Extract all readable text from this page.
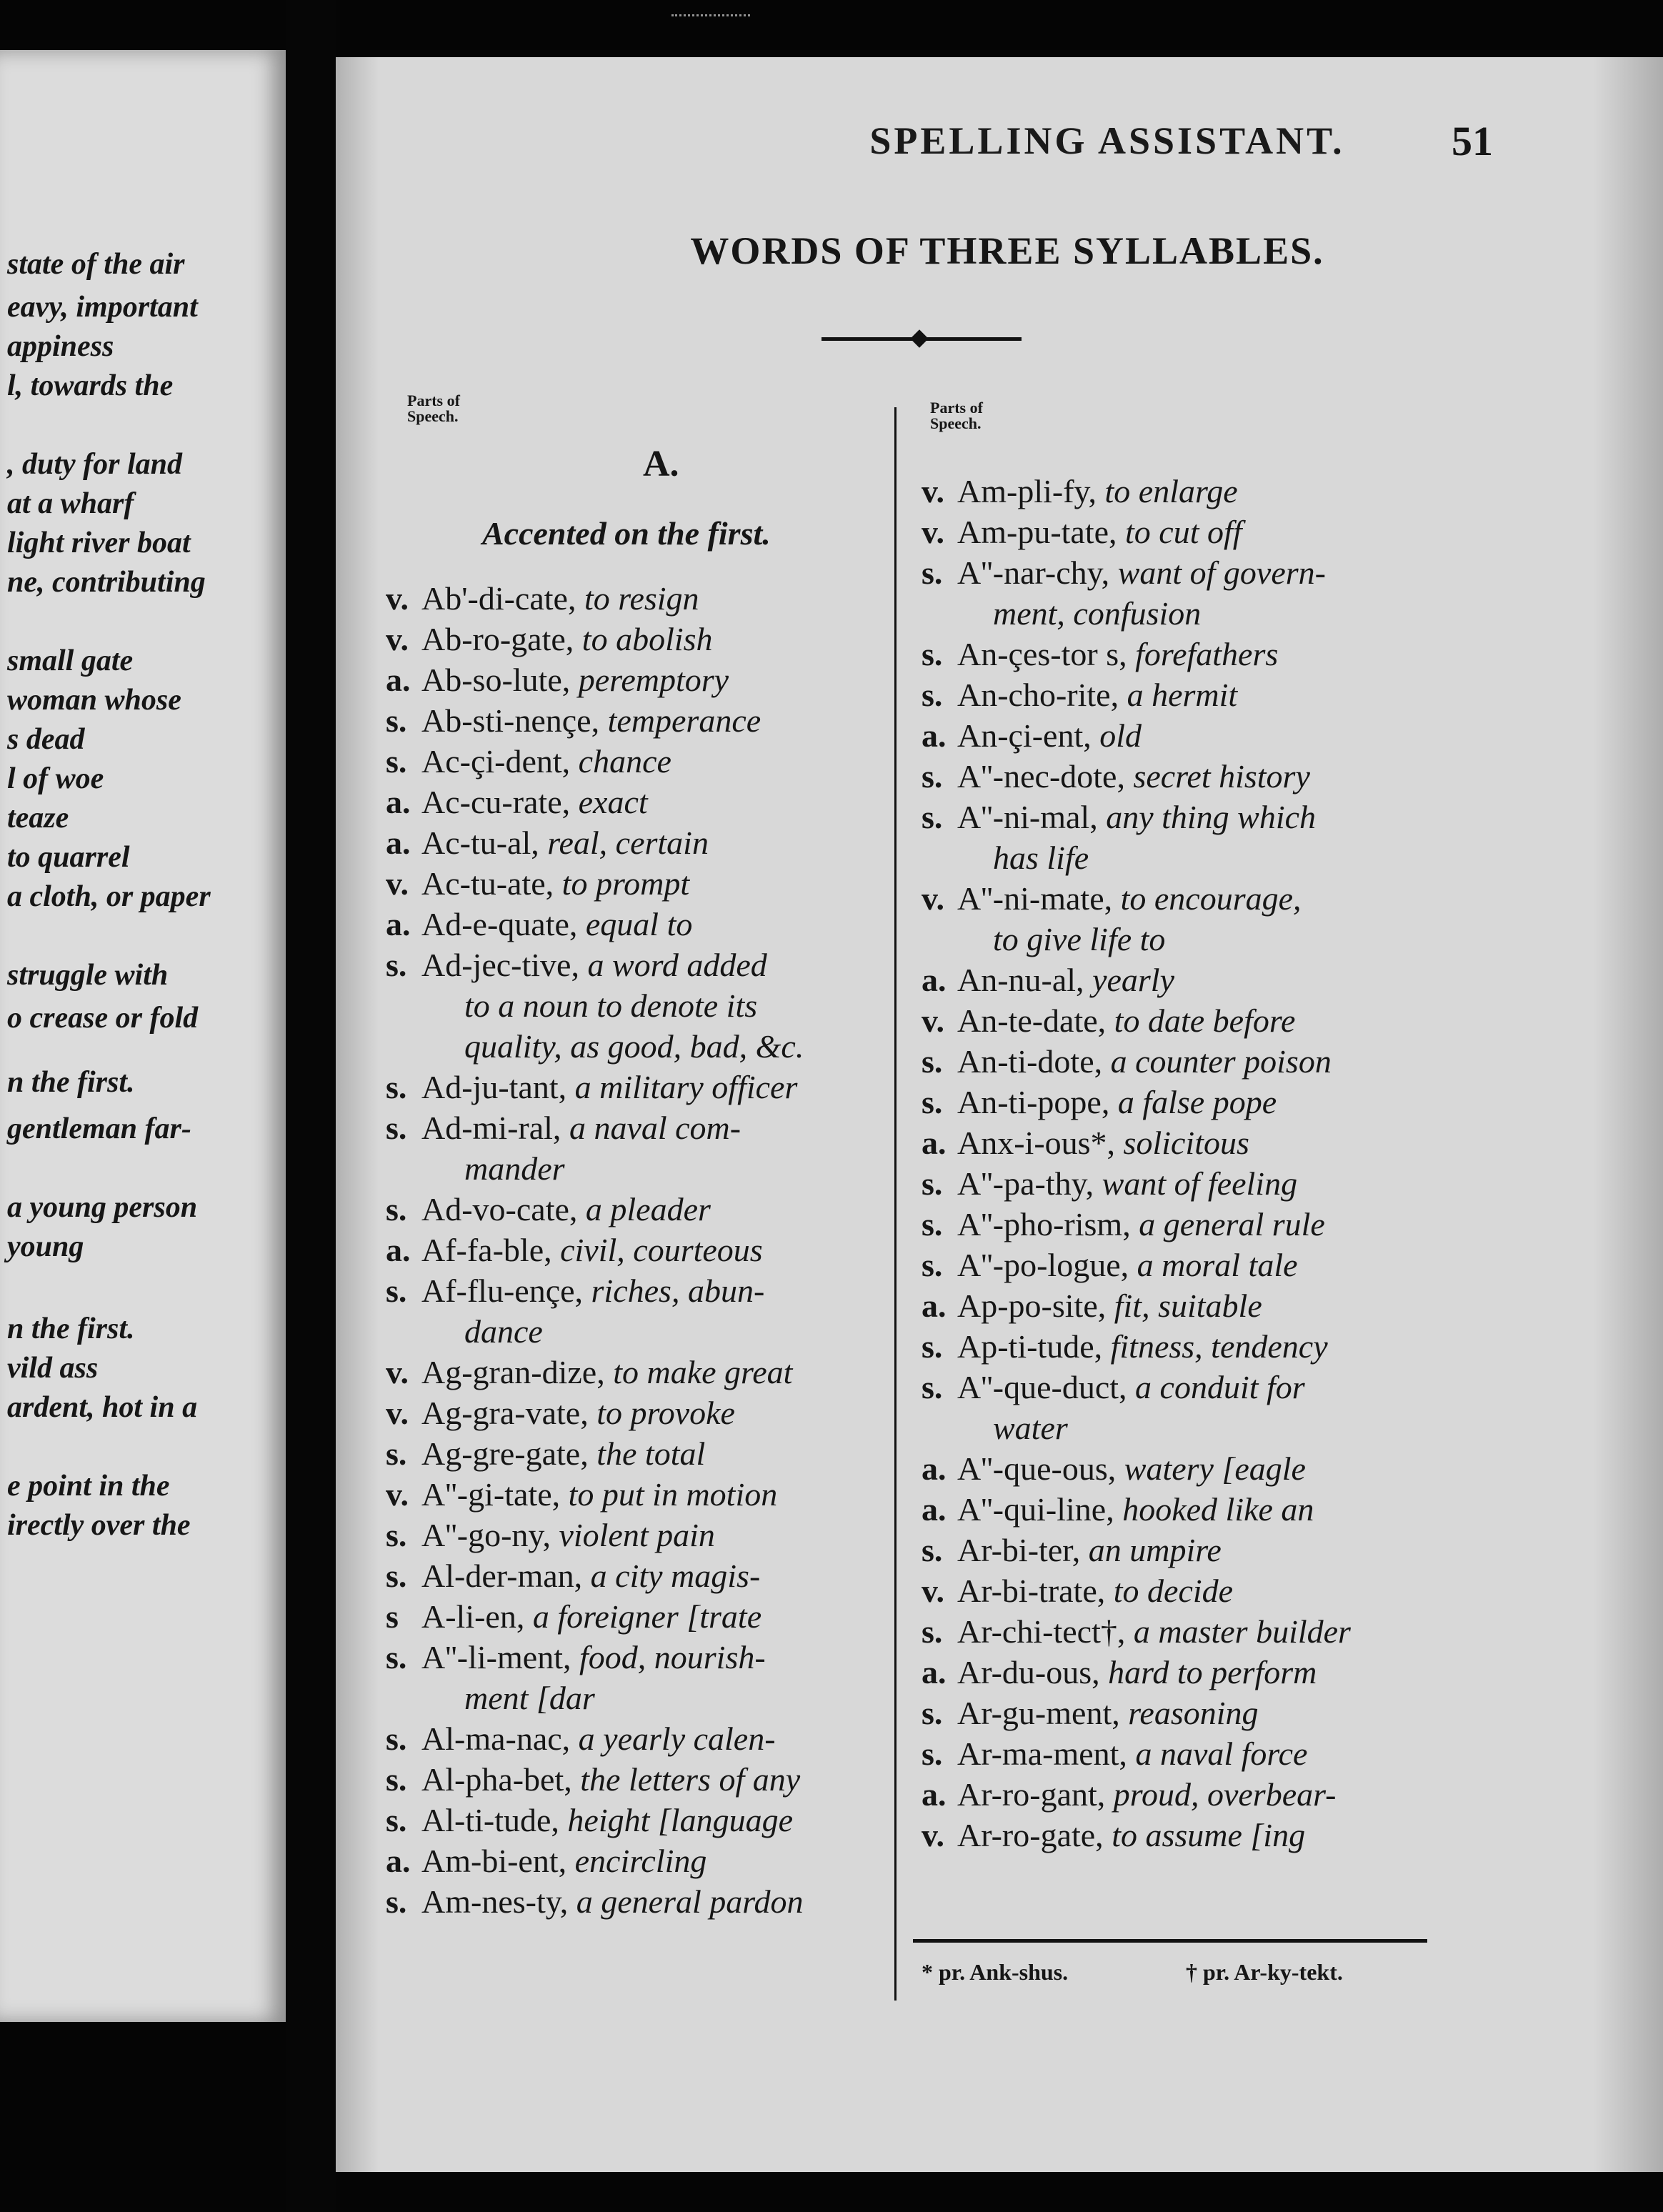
state of the air
eavy, important
appiness
l, towards the
, duty for land
at a wharf
light river boat
ne, contributing
small gate
woman whose
s dead
l of woe
teaze
to quarrel
a cloth, or paper
struggle with
o crease or fold
n the first.
gentleman far-
a young person
young
n the first.
vild ass
ardent, hot in a
e point in the
irectly over the
SPELLING ASSISTANT.	51
WORDS OF THREE SYLLABLES.
Parts of Speech.	Parts of Speech.
A.
Accented on the first.
v. Ab'-di-cate, to resign
v. Ab-ro-gate, to abolish
a. Ab-so-lute, peremptory
s. Ab-sti-nençe, temperance
s. Ac-çi-dent, chance
a. Ac-cu-rate, exact
a. Ac-tu-al, real, certain
v. Ac-tu-ate, to prompt
a. Ad-e-quate, equal to
s. Ad-jec-tive, a word added
to a noun to denote its
quality, as good, bad, &c.
s. Ad-ju-tant, a military officer
s. Ad-mi-ral, a naval com-
mander
s. Ad-vo-cate, a pleader
a. Af-fa-ble, civil, courteous
s. Af-flu-ençe, riches, abun-
dance
v. Ag-gran-dize, to make great
v. Ag-gra-vate, to provoke
s. Ag-gre-gate, the total
v. A''-gi-tate, to put in motion
s. A''-go-ny, violent pain
s. Al-der-man, a city magis-
s A-li-en, a foreigner [trate
s. A''-li-ment, food, nourish-
ment [dar
s. Al-ma-nac, a yearly calen-
s. Al-pha-bet, the letters of any
s. Al-ti-tude, height [language
a. Am-bi-ent, encircling
s. Am-nes-ty, a general pardon
v. Am-pli-fy, to enlarge
v. Am-pu-tate, to cut off
s. A''-nar-chy, want of govern-
ment, confusion
s. An-çes-tor s, forefathers
s. An-cho-rite, a hermit
a. An-çi-ent, old
s. A''-nec-dote, secret history
s. A''-ni-mal, any thing which
has life
v. A''-ni-mate, to encourage,
to give life to
a. An-nu-al, yearly
v. An-te-date, to date before
s. An-ti-dote, a counter poison
s. An-ti-pope, a false pope
a. Anx-i-ous*, solicitous
s. A''-pa-thy, want of feeling
s. A''-pho-rism, a general rule
s. A''-po-logue, a moral tale
a. Ap-po-site, fit, suitable
s. Ap-ti-tude, fitness, tendency
s. A''-que-duct, a conduit for
water
a. A''-que-ous, watery [eagle
a. A''-qui-line, hooked like an
s. Ar-bi-ter, an umpire
v. Ar-bi-trate, to decide
s. Ar-chi-tect†, a master builder
a. Ar-du-ous, hard to perform
s. Ar-gu-ment, reasoning
s. Ar-ma-ment, a naval force
a. Ar-ro-gant, proud, overbear-
v. Ar-ro-gate, to assume [ing
* pr. Ank-shus.	† pr. Ar-ky-tekt.
